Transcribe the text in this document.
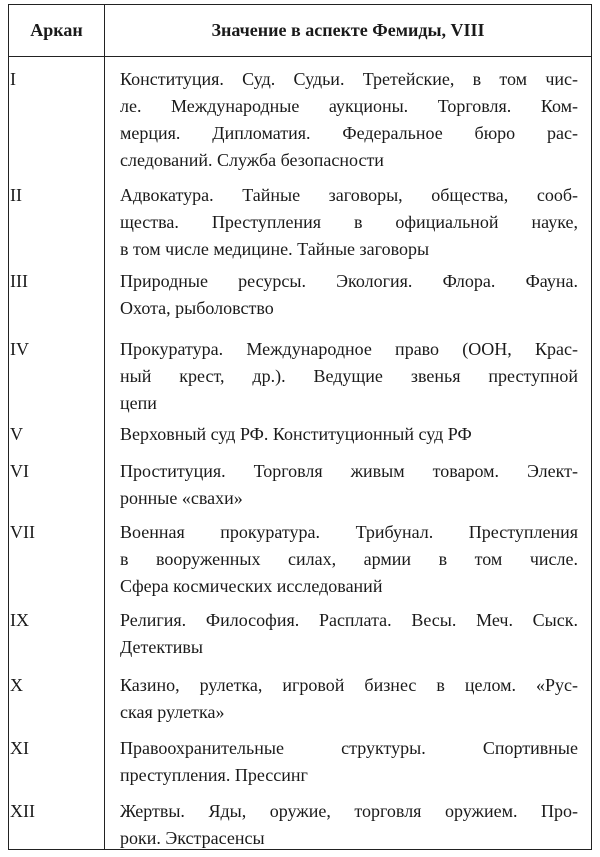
Аркан	Значение в аспекте Фемиды, VIII
I	Конституция. Суд. Судьи. Третейские, в том чис-
ле. Международные аукционы. Торговля. Ком-
мерция. Дипломатия. Федеральное бюро рас-
следований. Служба безопасности
II	Адвокатура. Тайные заговоры, общества, сооб-
щества. Преступления в официальной науке,
в том числе медицине. Тайные заговоры
III	Природные ресурсы. Экология. Флора. Фауна.
Охота, рыболовство
IV	Прокуратура. Международное право (ООН, Крас-
ный крест, др.). Ведущие звенья преступной
цепи
V	Верховный суд РФ. Конституционный суд РФ
VI	Проституция. Торговля живым товаром. Элект-
ронные «свахи»
VII	Военная прокуратура. Трибунал. Преступления
в вооруженных силах, армии в том числе.
Сфера космических исследований
IX	Религия. Философия. Расплата. Весы. Меч. Сыск.
Детективы
X	Казино, рулетка, игровой бизнес в целом. «Рус-
ская рулетка»
XI	Правоохранительные структуры. Спортивные
преступления. Прессинг
XII	Жертвы. Яды, оружие, торговля оружием. Про-
роки. Экстрасенсы
